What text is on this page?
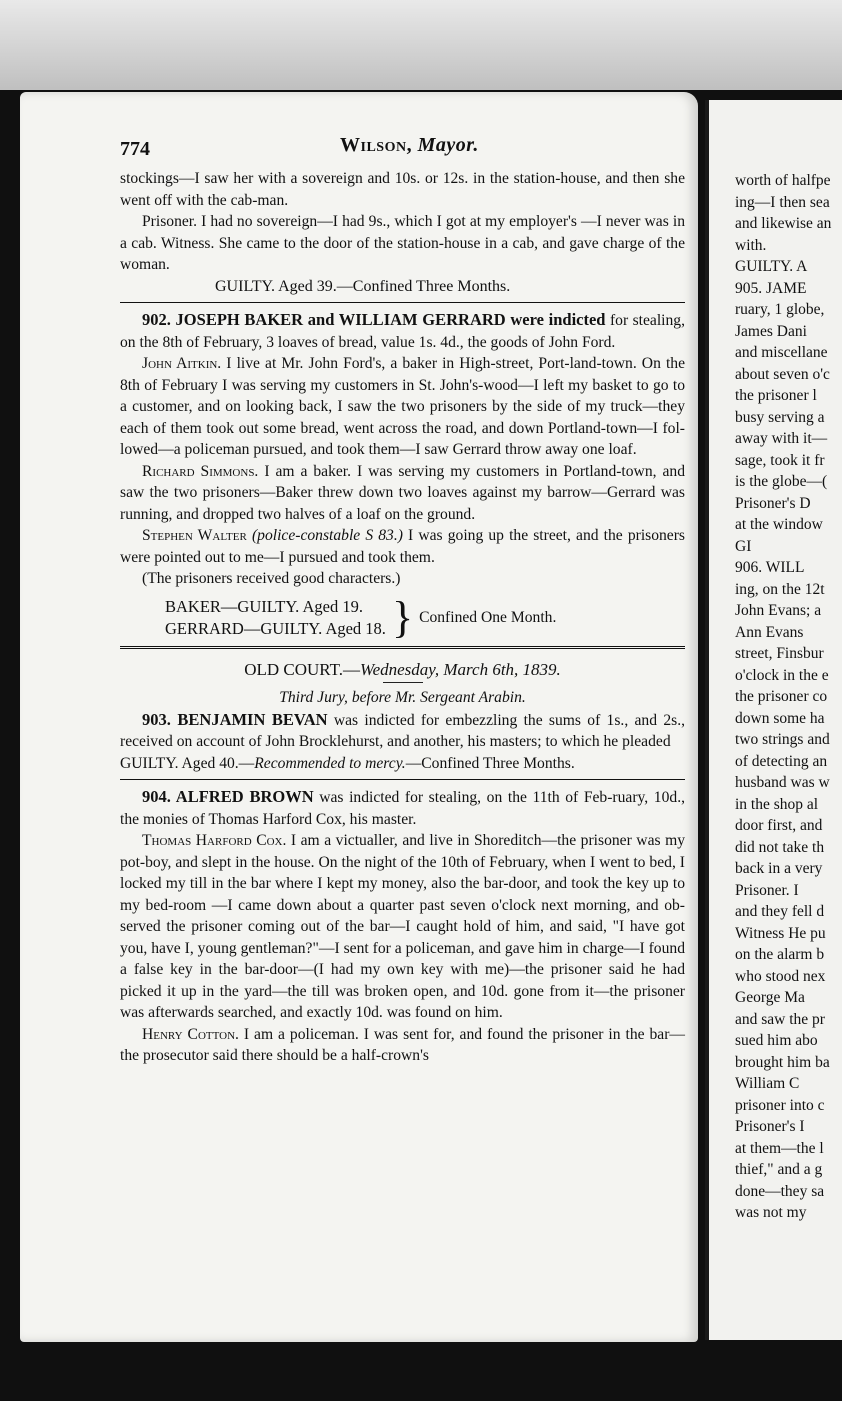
774	Wilson, Mayor.

stockings—I saw her with a sovereign and 10s. or 12s. in the station-house, and then she went off with the cab-man.

Prisoner. I had no sovereign—I had 9s., which I got at my employer's —I never was in a cab. Witness. She came to the door of the station-house in a cab, and gave charge of the woman.

GUILTY. Aged 39.—Confined Three Months.

902. JOSEPH BAKER and WILLIAM GERRARD were indicted for stealing, on the 8th of February, 3 loaves of bread, value 1s. 4d., the goods of John Ford.

John Aitkin. I live at Mr. John Ford's, a baker in High-street, Port-land-town. On the 8th of February I was serving my customers in St. John's-wood—I left my basket to go to a customer, and on looking back, I saw the two prisoners by the side of my truck—they each of them took out some bread, went across the road, and down Portland-town—I fol-lowed—a policeman pursued, and took them—I saw Gerrard throw away one loaf.

Richard Simmons. I am a baker. I was serving my customers in Portland-town, and saw the two prisoners—Baker threw down two loaves against my barrow—Gerrard was running, and dropped two halves of a loaf on the ground.

Stephen Walter (police-constable S 83.) I was going up the street, and the prisoners were pointed out to me—I pursued and took them.

(The prisoners received good characters.)

BAKER—GUILTY. Aged 19.

GERRARD—GUILTY. Aged 18. } Confined One Month.

OLD COURT.—Wednesday, March 6th, 1839.

Third Jury, before Mr. Sergeant Arabin.

903. BENJAMIN BEVAN was indicted for embezzling the sums of 1s., and 2s., received on account of John Brocklehurst, and another, his masters; to which he pleaded

GUILTY. Aged 40.—Recommended to mercy.—Confined Three Months.

904. ALFRED BROWN was indicted for stealing, on the 11th of Feb-ruary, 10d., the monies of Thomas Harford Cox, his master.

Thomas Harford Cox. I am a victualler, and live in Shoreditch—the prisoner was my pot-boy, and slept in the house. On the night of the 10th of February, when I went to bed, I locked my till in the bar where I kept my money, also the bar-door, and took the key up to my bed-room —I came down about a quarter past seven o'clock next morning, and ob-served the prisoner coming out of the bar—I caught hold of him, and said, "I have got you, have I, young gentleman?"—I sent for a policeman, and gave him in charge—I found a false key in the bar-door—(I had my own key with me)—the prisoner said he had picked it up in the yard—the till was broken open, and 10d. gone from it—the prisoner was afterwards searched, and exactly 10d. was found on him.

Henry Cotton. I am a policeman. I was sent for, and found the prisoner in the bar—the prosecutor said there should be a half-crown's

worth of halfpe

ing—I then sea

and likewise an

with.

GUILTY. A

905. JAME

ruary, 1 globe,

James Dani

and miscellane

about seven o'c

the prisoner l

busy serving a

away with it—

sage, took it fr

is the globe—(

Prisoner's D

at the window

GI

906. WILL

ing, on the 12t

John Evans; a

Ann Evans

street, Finsbur

o'clock in the e

the prisoner co

down some ha

two strings and

of detecting an

husband was w

in the shop al

door first, and

did not take th

back in a very

Prisoner. I

and they fell d

Witness He pu

on the alarm b

who stood nex

George Ma

and saw the pr

sued him abo

brought him ba

William C

prisoner into c

Prisoner's I

at them—the l

thief," and a g

done—they sa

was not my
